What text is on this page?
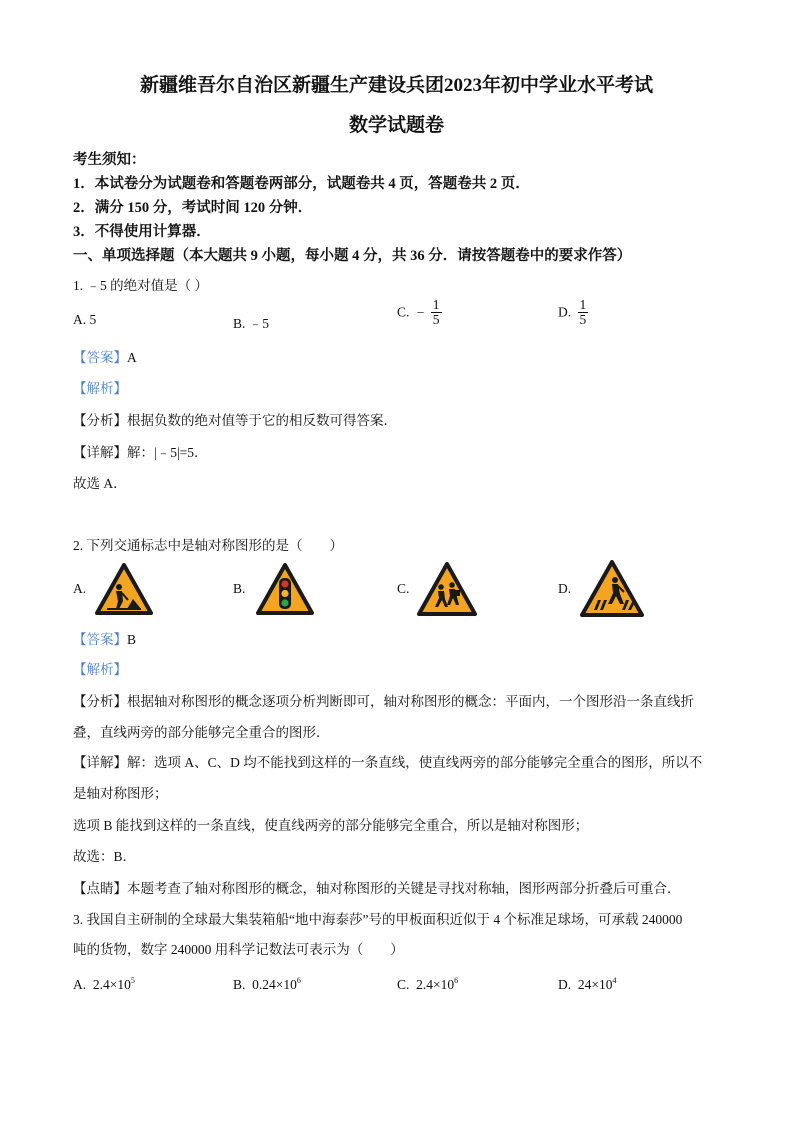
新疆维吾尔自治区新疆生产建设兵团2023年初中学业水平考试
数学试题卷
考生须知：
1．本试卷分为试题卷和答题卷两部分，试题卷共 4 页，答题卷共 2 页．
2．满分 150 分，考试时间 120 分钟．
3．不得使用计算器．
一、单项选择题（本大题共 9 小题，每小题 4 分，共 36 分．请按答题卷中的要求作答）
1. ﹣5 的绝对值是（ ）
A. 5	B. ﹣5
C. − $\frac{1}{5}$	D. $\frac{1}{5}$
【答案】A
【解析】
【分析】根据负数的绝对值等于它的相反数可得答案．
【详解】解：|﹣5|=5．
故选 A．
2. 下列交通标志中是轴对称图形的是（　　）
A.	B.	C.	D.
【答案】B
【解析】
【分析】根据轴对称图形的概念逐项分析判断即可，轴对称图形的概念：平面内，一个图形沿一条直线折
叠，直线两旁的部分能够完全重合的图形．
【详解】解：选项 A、C、D 均不能找到这样的一条直线，使直线两旁的部分能够完全重合的图形，所以不
是轴对称图形；
选项 B 能找到这样的一条直线，使直线两旁的部分能够完全重合，所以是轴对称图形；
故选：B．
【点睛】本题考查了轴对称图形的概念，轴对称图形的关键是寻找对称轴，图形两部分折叠后可重合．
3. 我国自主研制的全球最大集装箱船“地中海泰莎”号的甲板面积近似于 4 个标准足球场，可承载 240000
吨的货物，数字 240000 用科学记数法可表示为（　　）
A. $2.4\times 10^5$	B. $0.24\times 10^6$	C. $2.4\times 10^6$	D. $24\times 10^4$
